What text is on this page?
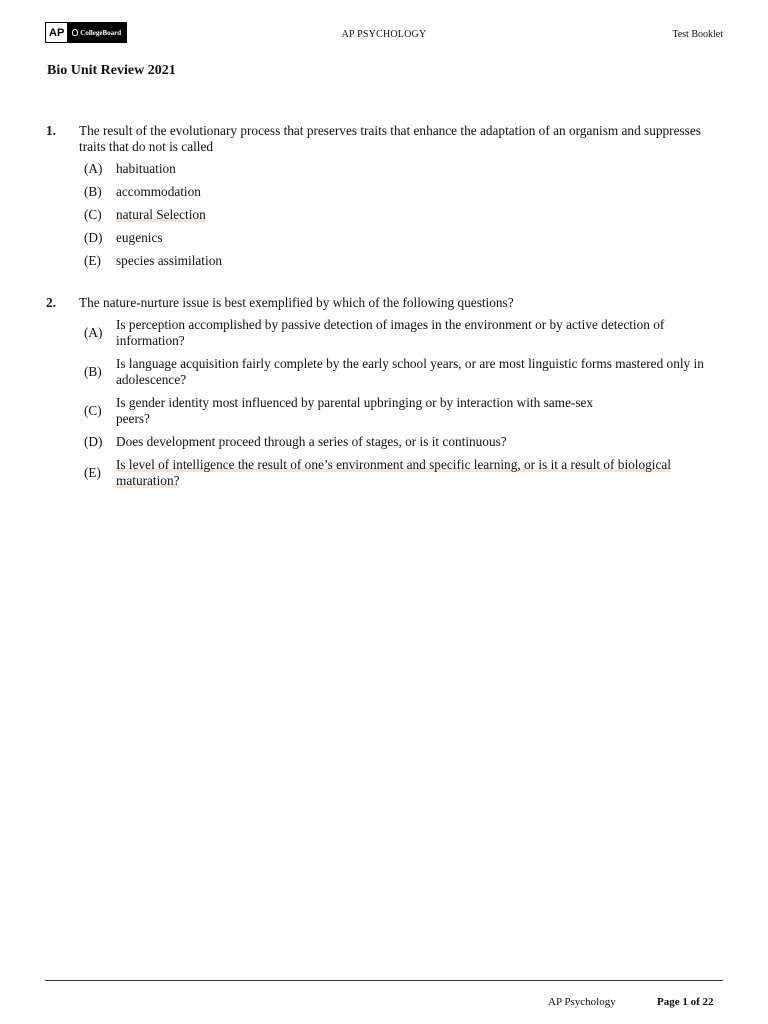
AP	CollegeBoard	AP PSYCHOLOGY	Test Booklet
Bio Unit Review 2021
1. The result of the evolutionary process that preserves traits that enhance the adaptation of an organism and suppresses traits that do not is called
(A)	habituation
(B)	accommodation
(C)	natural Selection
(D)	eugenics
(E)	species assimilation
2. The nature-nurture issue is best exemplified by which of the following questions?
(A)
Is perception accomplished by passive detection of images in the environment or by active detection of information?
(B)
Is language acquisition fairly complete by the early school years, or are most linguistic forms mastered only in adolescence?
(C)
Is gender identity most influenced by parental upbringing or by interaction with same-sex peers?
(D)	Does development proceed through a series of stages, or is it continuous?
(E)
Is level of intelligence the result of one’s environment and specific learning, or is it a result of biological maturation?
AP Psychology	Page 1 of 22
